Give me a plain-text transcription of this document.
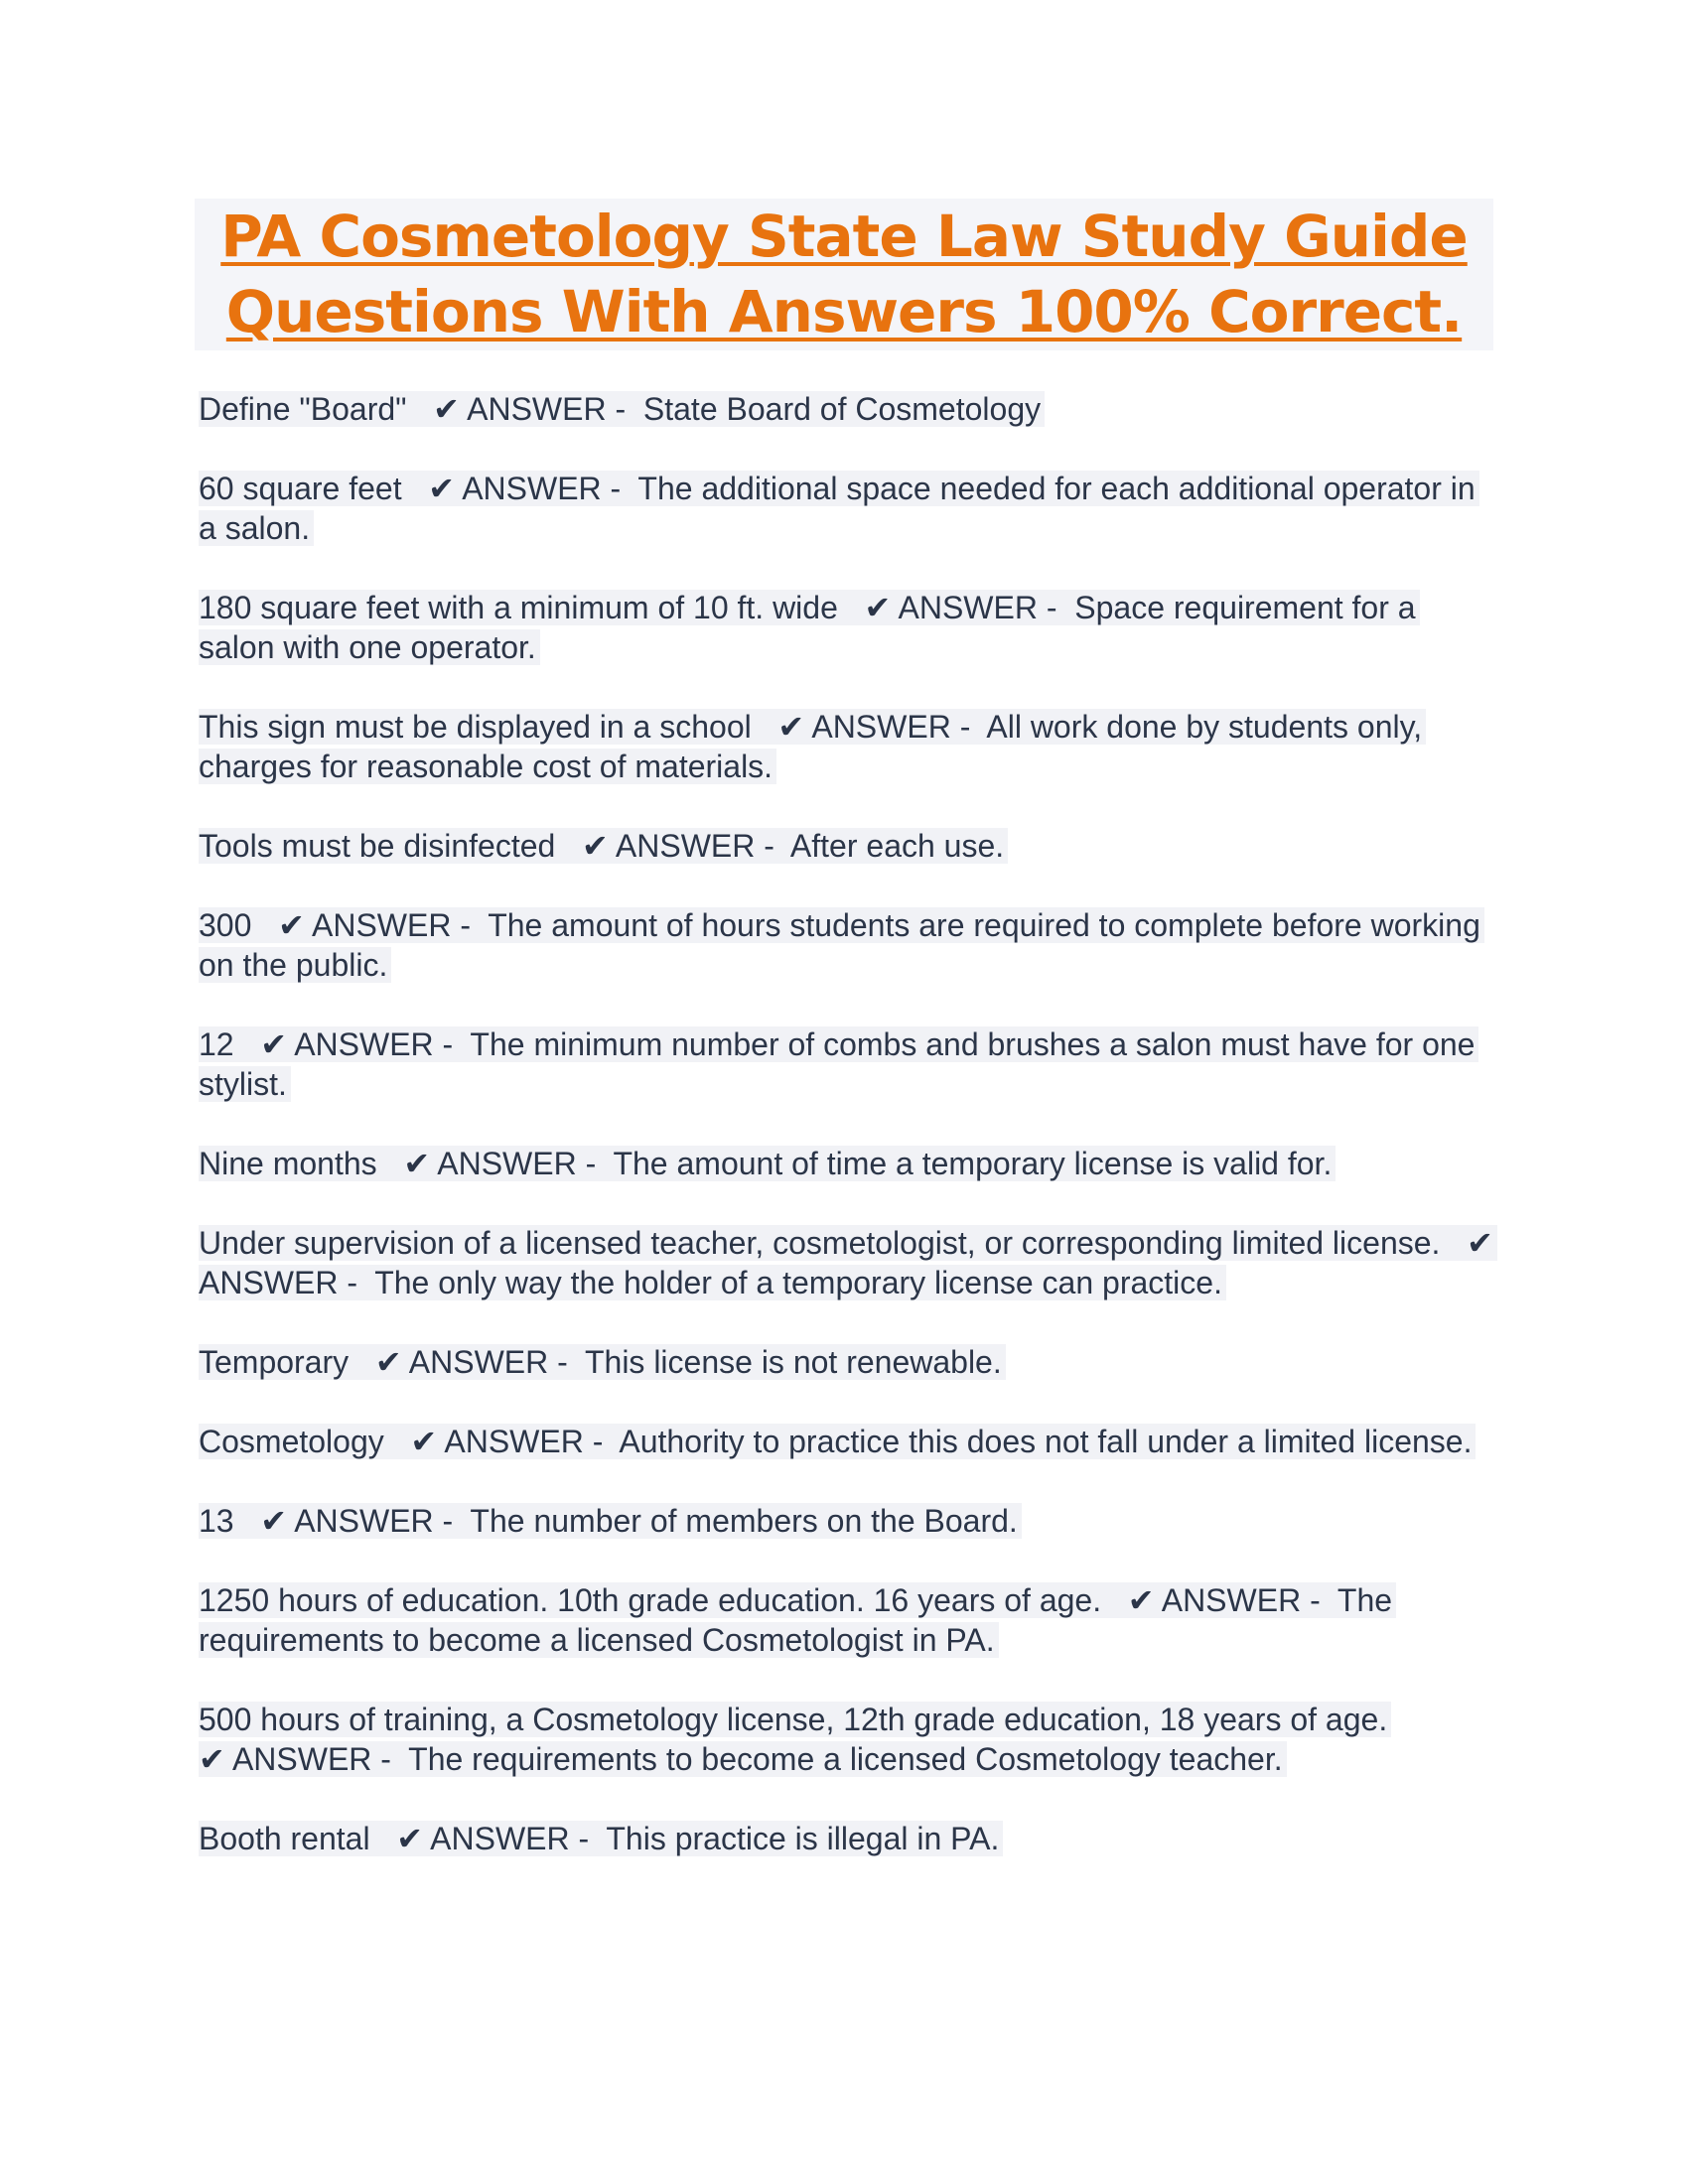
PA Cosmetology State Law Study Guide
Questions With Answers 100% Correct.

Define "Board" ✔ ANSWER - State Board of Cosmetology

60 square feet ✔ ANSWER - The additional space needed for each additional operator in a salon.

180 square feet with a minimum of 10 ft. wide ✔ ANSWER - Space requirement for a salon with one operator.

This sign must be displayed in a school ✔ ANSWER - All work done by students only, charges for reasonable cost of materials.

Tools must be disinfected ✔ ANSWER - After each use.

300 ✔ ANSWER - The amount of hours students are required to complete before working on the public.

12 ✔ ANSWER - The minimum number of combs and brushes a salon must have for one stylist.

Nine months ✔ ANSWER - The amount of time a temporary license is valid for.

Under supervision of a licensed teacher, cosmetologist, or corresponding limited license. ✔ ANSWER - The only way the holder of a temporary license can practice.

Temporary ✔ ANSWER - This license is not renewable.

Cosmetology ✔ ANSWER - Authority to practice this does not fall under a limited license.

13 ✔ ANSWER - The number of members on the Board.

1250 hours of education. 10th grade education. 16 years of age. ✔ ANSWER - The requirements to become a licensed Cosmetologist in PA.

500 hours of training, a Cosmetology license, 12th grade education, 18 years of age.
✔ ANSWER - The requirements to become a licensed Cosmetology teacher.

Booth rental ✔ ANSWER - This practice is illegal in PA.
